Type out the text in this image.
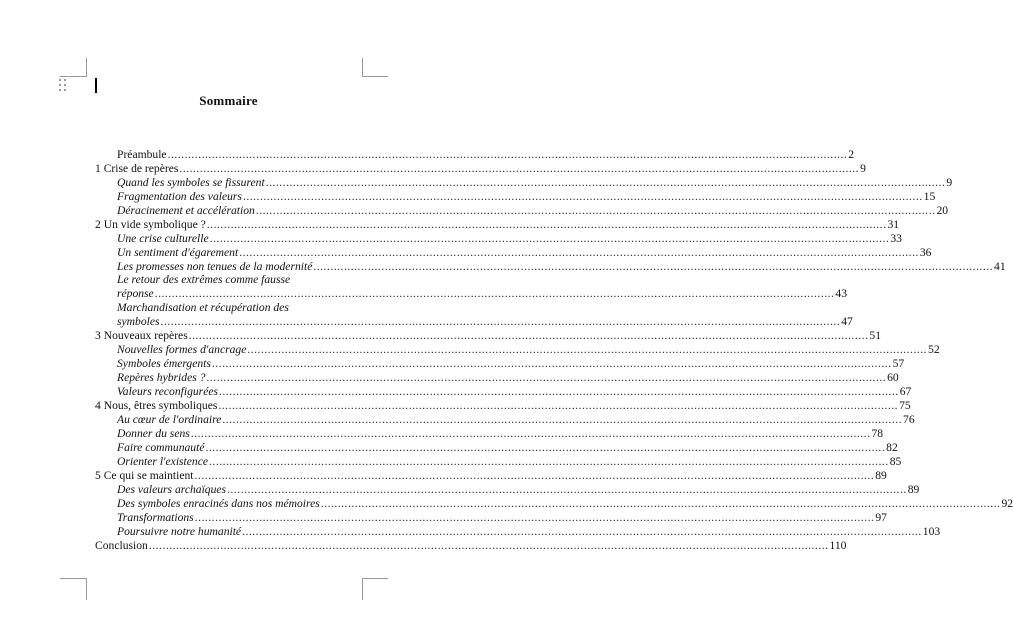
Sommaire
Préambule ........................................................................................................................................................................................................ 2
1 Crise de repères ........................................................................................................................................................................................................ 9
Quand les symboles se fissurent ........................................................................................................................................................................................................ 9
Fragmentation des valeurs ........................................................................................................................................................................................................ 15
Déracinement et accélération ........................................................................................................................................................................................................ 20
2 Un vide symbolique ? ........................................................................................................................................................................................................ 31
Une crise culturelle ........................................................................................................................................................................................................ 33
Un sentiment d'égarement ........................................................................................................................................................................................................ 36
Les promesses non tenues de la modernité ........................................................................................................................................................................................................ 41
Le retour des extrêmes comme fausse
réponse ........................................................................................................................................................................................................ 43
Marchandisation et récupération des
symboles ........................................................................................................................................................................................................ 47
3 Nouveaux repères ........................................................................................................................................................................................................ 51
Nouvelles formes d'ancrage ........................................................................................................................................................................................................ 52
Symboles émergents ........................................................................................................................................................................................................ 57
Repères hybrides ? ........................................................................................................................................................................................................ 60
Valeurs reconfigurées ........................................................................................................................................................................................................ 67
4 Nous, êtres symboliques ........................................................................................................................................................................................................ 75
Au cœur de l'ordinaire ........................................................................................................................................................................................................ 76
Donner du sens ........................................................................................................................................................................................................ 78
Faire communauté ........................................................................................................................................................................................................ 82
Orienter l'existence ........................................................................................................................................................................................................ 85
5 Ce qui se maintient ........................................................................................................................................................................................................ 89
Des valeurs archaïques ........................................................................................................................................................................................................ 89
Des symboles enracinés dans nos mémoires ........................................................................................................................................................................................................ 92
Transformations ........................................................................................................................................................................................................ 97
Poursuivre notre humanité ........................................................................................................................................................................................................ 103
Conclusion ........................................................................................................................................................................................................ 110
